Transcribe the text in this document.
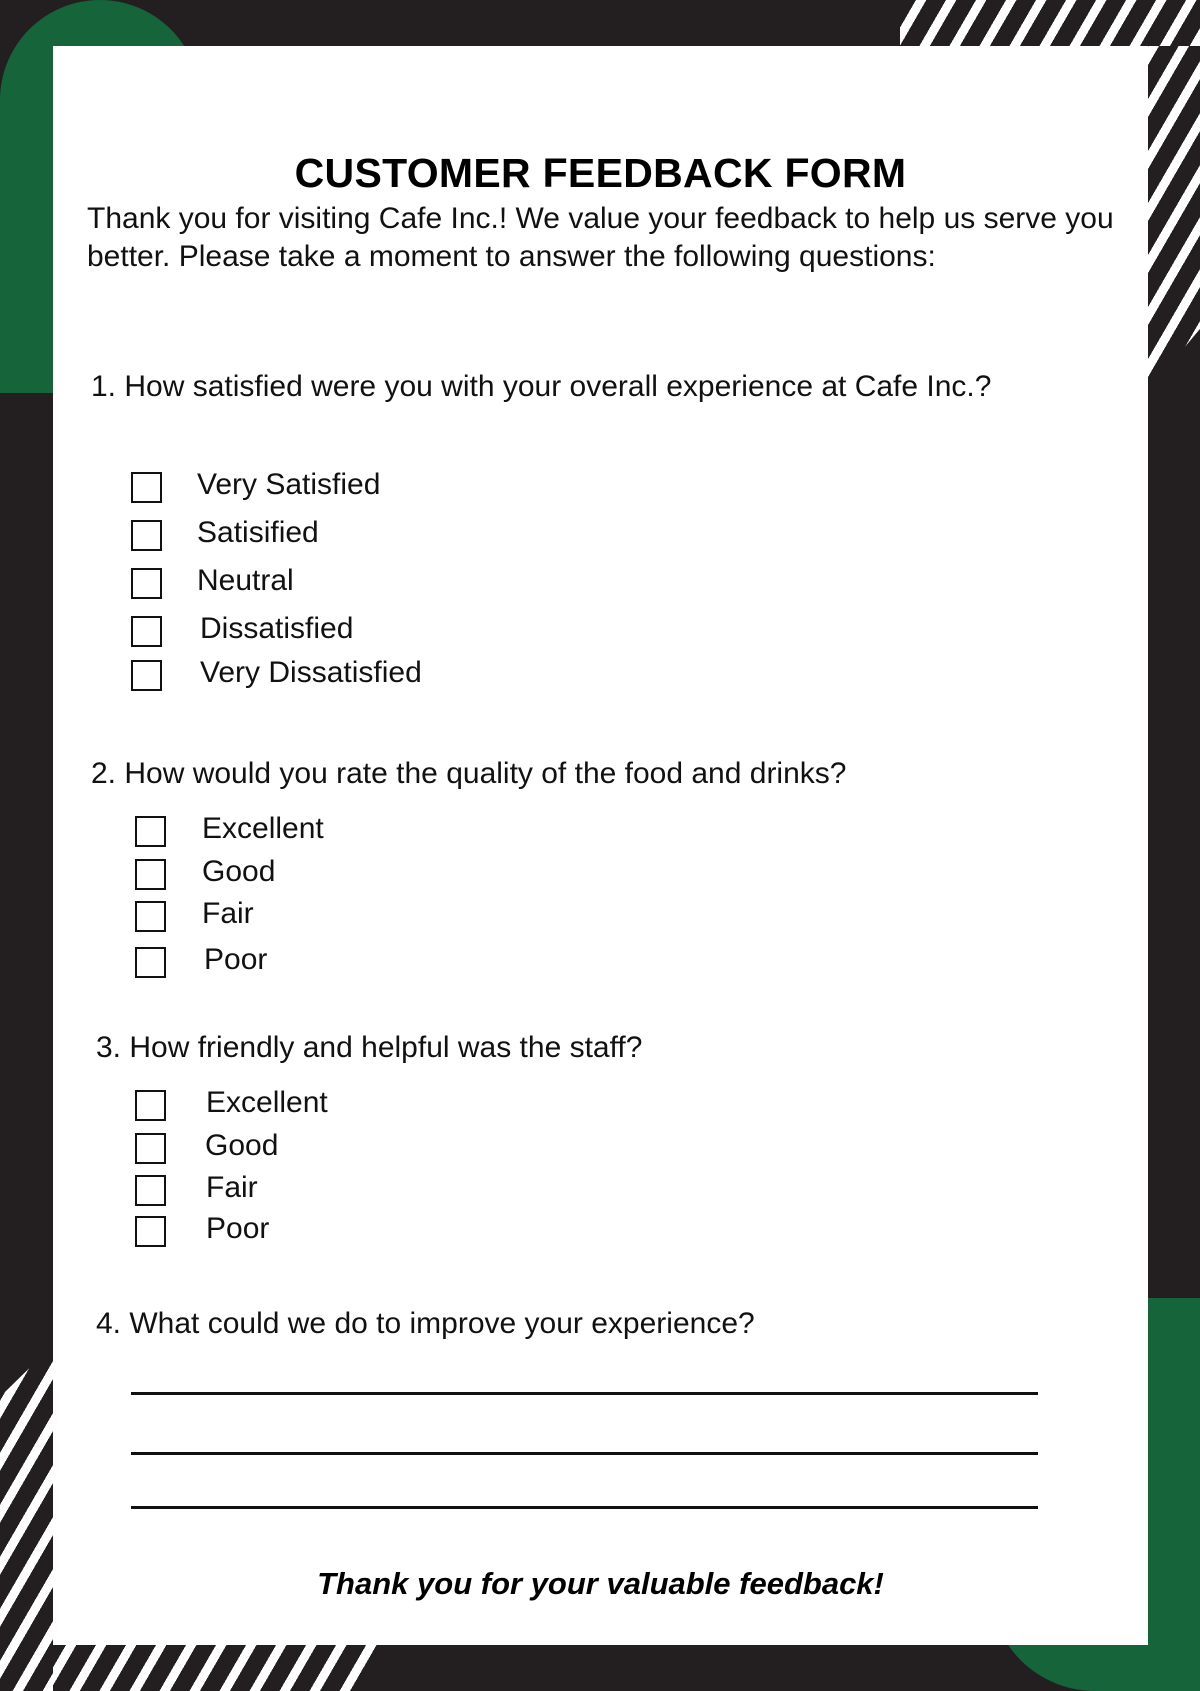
CUSTOMER FEEDBACK FORM

Thank you for visiting Cafe Inc.! We value your feedback to help us serve you better. Please take a moment to answer the following questions:

1. How satisfied were you with your overall experience at Cafe Inc.?

Very Satisfied
Satisified
Neutral
Dissatisfied
Very Dissatisfied

2. How would you rate the quality of the food and drinks?

Excellent
Good
Fair
Poor

3. How friendly and helpful was the staff?

Excellent
Good
Fair
Poor

4. What could we do to improve your experience?

Thank you for your valuable feedback!
